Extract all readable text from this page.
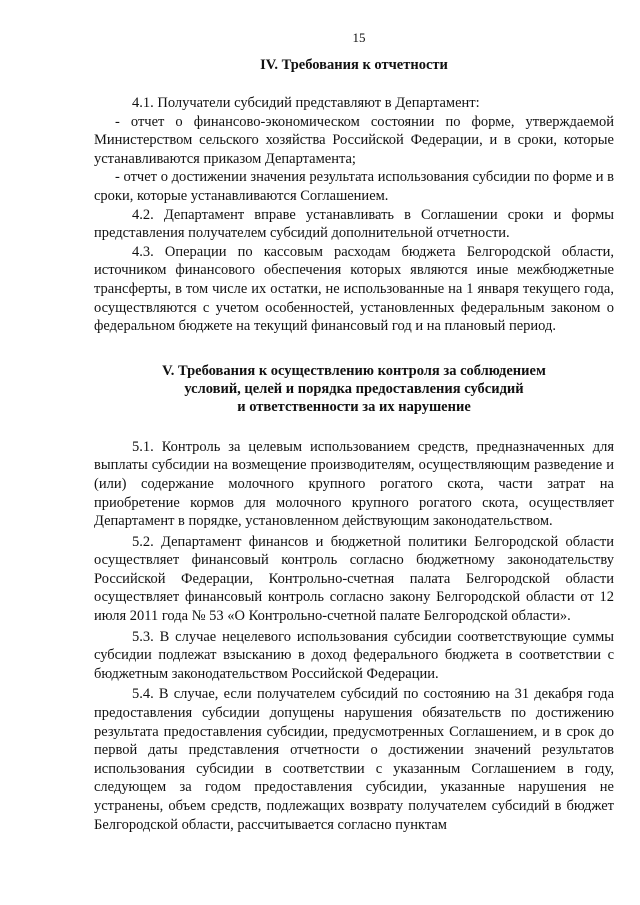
15
IV. Требования к отчетности

4.1. Получатели субсидий представляют в Департамент:

- отчет о финансово-экономическом состоянии по форме, утверждаемой Министерством сельского хозяйства Российской Федерации, и в сроки, которые устанавливаются приказом Департамента;

- отчет о достижении значения результата использования субсидии по форме и в сроки, которые устанавливаются Соглашением.

4.2. Департамент вправе устанавливать в Соглашении сроки и формы представления получателем субсидий дополнительной отчетности.

4.3. Операции по кассовым расходам бюджета Белгородской области, источником финансового обеспечения которых являются иные межбюджетные трансферты, в том числе их остатки, не использованные на 1 января текущего года, осуществляются с учетом особенностей, установленных федеральным законом о федеральном бюджете на текущий финансовый год и на плановый период.

V. Требования к осуществлению контроля за соблюдением
условий, целей и порядка предоставления субсидий
и ответственности за их нарушение

5.1. Контроль за целевым использованием средств, предназначенных для выплаты субсидии на возмещение производителям, осуществляющим разведение и (или) содержание молочного крупного рогатого скота, части затрат на приобретение кормов для молочного крупного рогатого скота, осуществляет Департамент в порядке, установленном действующим законодательством.

5.2. Департамент финансов и бюджетной политики Белгородской области осуществляет финансовый контроль согласно бюджетному законодательству Российской Федерации, Контрольно-счетная палата Белгородской области осуществляет финансовый контроль согласно закону Белгородской области от 12 июля 2011 года № 53 «О Контрольно-счетной палате Белгородской области».

5.3. В случае нецелевого использования субсидии соответствующие суммы субсидии подлежат взысканию в доход федерального бюджета в соответствии с бюджетным законодательством Российской Федерации.

5.4. В случае, если получателем субсидий по состоянию на 31 декабря года предоставления субсидии допущены нарушения обязательств по достижению результата предоставления субсидии, предусмотренных Соглашением, и в срок до первой даты представления отчетности о достижении значений результатов использования субсидии в соответствии с указанным Соглашением в году, следующем за годом предоставления субсидии, указанные нарушения не устранены, объем средств, подлежащих возврату получателем субсидий в бюджет Белгородской области, рассчитывается согласно пунктам
